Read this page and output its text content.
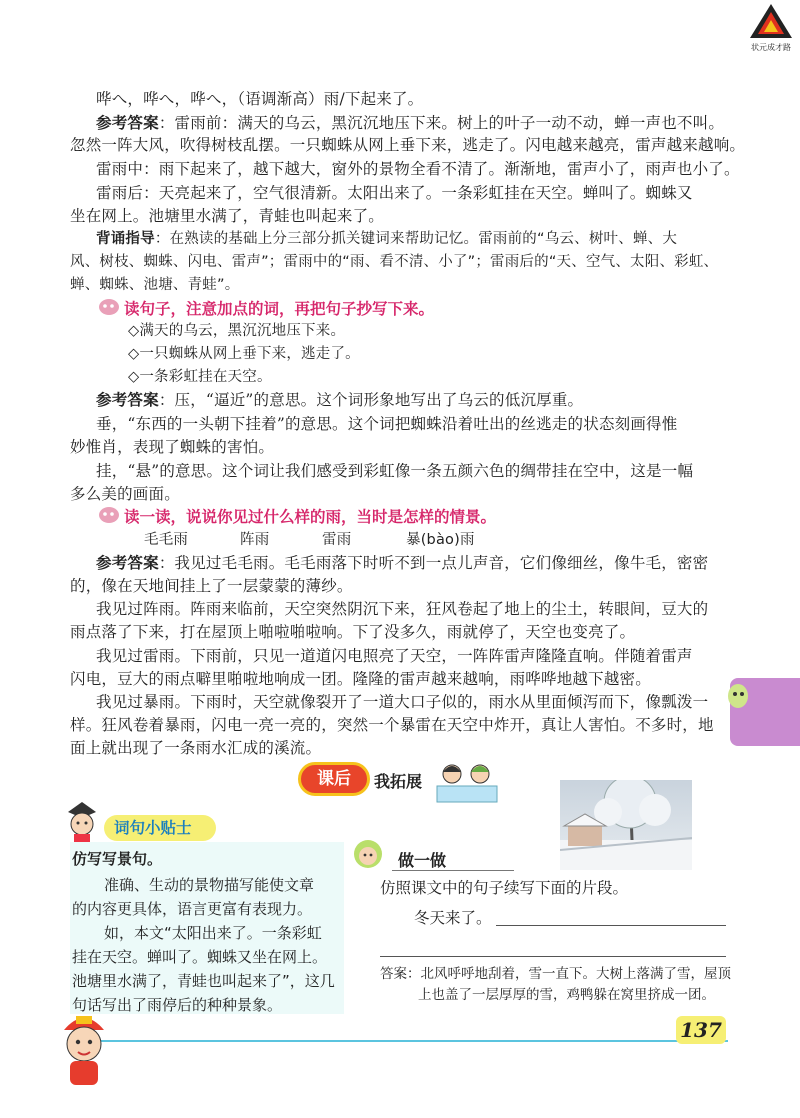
状元成才路
哗へ，哗へ，哗へ，（语调渐高）雨/下起来了。
参考答案：雷雨前：满天的乌云，黑沉沉地压下来。树上的叶子一动不动，蝉一声也不叫。
忽然一阵大风，吹得树枝乱摆。一只蜘蛛从网上垂下来，逃走了。闪电越来越亮，雷声越来越响。
雷雨中：雨下起来了，越下越大，窗外的景物全看不清了。渐渐地，雷声小了，雨声也小了。
雷雨后：天亮起来了，空气很清新。太阳出来了。一条彩虹挂在天空。蝉叫了。蜘蛛又
坐在网上。池塘里水满了，青蛙也叫起来了。
背诵指导：在熟读的基础上分三部分抓关键词来帮助记忆。雷雨前的“乌云、树叶、蝉、大
风、树枝、蜘蛛、闪电、雷声”；雷雨中的“雨、看不清、小了”；雷雨后的“天、空气、太阳、彩虹、
蝉、蜘蛛、池塘、青蛙”。
读句子，注意加点的词，再把句子抄写下来。
◇满天的乌云，黑沉沉地压下来。
◇一只蜘蛛从网上垂下来，逃走了。
◇一条彩虹挂在天空。
参考答案：压，“逼近”的意思。这个词形象地写出了乌云的低沉厚重。
垂，“东西的一头朝下挂着”的意思。这个词把蜘蛛沿着吐出的丝逃走的状态刻画得惟
妙惟肖，表现了蜘蛛的害怕。
挂，“悬”的意思。这个词让我们感受到彩虹像一条五颜六色的绸带挂在空中，这是一幅
多么美的画面。
读一读，说说你见过什么样的雨，当时是怎样的情景。
毛毛雨	阵雨	雷雨	暴(bào)雨
参考答案：我见过毛毛雨。毛毛雨落下时听不到一点儿声音，它们像细丝，像牛毛，密密
的，像在天地间挂上了一层蒙蒙的薄纱。
我见过阵雨。阵雨来临前，天空突然阴沉下来，狂风卷起了地上的尘土，转眼间，豆大的
雨点落了下来，打在屋顶上啪啦啪啦响。下了没多久，雨就停了，天空也变亮了。
我见过雷雨。下雨前，只见一道道闪电照亮了天空，一阵阵雷声隆隆直响。伴随着雷声
闪电，豆大的雨点噼里啪啦地响成一团。隆隆的雷声越来越响，雨哗哗地越下越密。
我见过暴雨。下雨时，天空就像裂开了一道大口子似的，雨水从里面倾泻而下，像瓢泼一
样。狂风卷着暴雨，闪电一亮一亮的，突然一个暴雷在天空中炸开，真让人害怕。不多时，地
面上就出现了一条雨水汇成的溪流。
课后	我拓展
词句小贴士
仿写写景句。
准确、生动的景物描写能使文章
的内容更具体，语言更富有表现力。
如，本文“太阳出来了。一条彩虹
挂在天空。蝉叫了。蜘蛛又坐在网上。
池塘里水满了，青蛙也叫起来了”，这几
句话写出了雨停后的种种景象。
做一做
仿照课文中的句子续写下面的片段。
冬天来了。
答案：北风呼呼地刮着，雪一直下。大树上落满了雪，屋顶
上也盖了一层厚厚的雪，鸡鸭躲在窝里挤成一团。
137
